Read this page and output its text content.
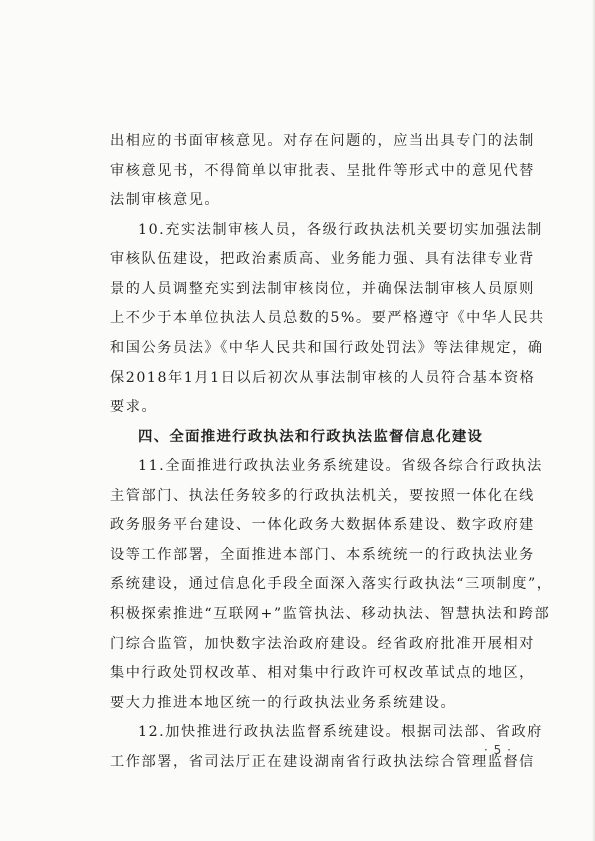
出相应的书面审核意见。对存在问题的，应当出具专门的法制
审核意见书，不得简单以审批表、呈批件等形式中的意见代替
法制审核意见。
10.充实法制审核人员，各级行政执法机关要切实加强法制
审核队伍建设，把政治素质高、业务能力强、具有法律专业背
景的人员调整充实到法制审核岗位，并确保法制审核人员原则
上不少于本单位执法人员总数的5%。要严格遵守《中华人民共
和国公务员法》《中华人民共和国行政处罚法》等法律规定，确
保2018年1月1日以后初次从事法制审核的人员符合基本资格
要求。
四、全面推进行政执法和行政执法监督信息化建设
11.全面推进行政执法业务系统建设。省级各综合行政执法
主管部门、执法任务较多的行政执法机关，要按照一体化在线
政务服务平台建设、一体化政务大数据体系建设、数字政府建
设等工作部署，全面推进本部门、本系统统一的行政执法业务
系统建设，通过信息化手段全面深入落实行政执法“三项制度”，
积极探索推进“互联网+”监管执法、移动执法、智慧执法和跨部
门综合监管，加快数字法治政府建设。经省政府批准开展相对
集中行政处罚权改革、相对集中行政许可权改革试点的地区，
要大力推进本地区统一的行政执法业务系统建设。
12.加快推进行政执法监督系统建设。根据司法部、省政府
工作部署，省司法厅正在建设湖南省行政执法综合管理监督信
· 5 ·
